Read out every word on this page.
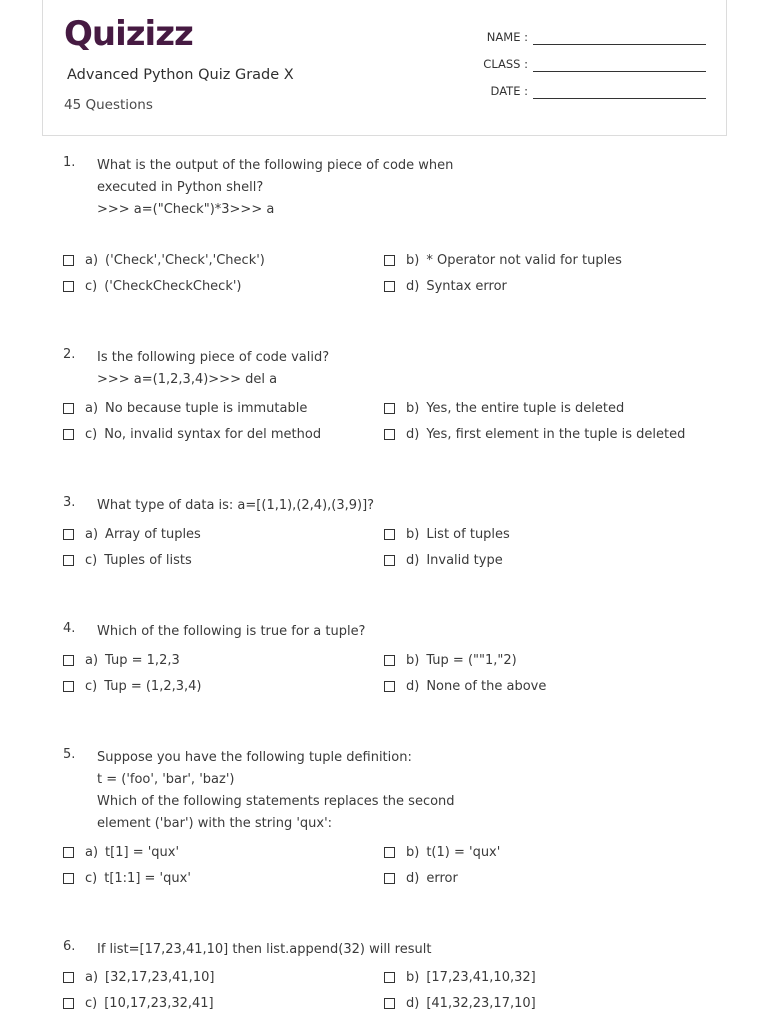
Quizizz
Advanced Python Quiz Grade X
45 Questions
NAME :
CLASS :
DATE :
1. What is the output of the following piece of code when
executed in Python shell?
>>> a=("Check")*3>>> a
a) ('Check','Check','Check')	b) * Operator not valid for tuples
c) ('CheckCheckCheck')	d) Syntax error
2. Is the following piece of code valid?
>>> a=(1,2,3,4)>>> del a
a) No because tuple is immutable	b) Yes, the entire tuple is deleted
c) No, invalid syntax for del method	d) Yes, first element in the tuple is deleted
3. What type of data is: a=[(1,1),(2,4),(3,9)]?
a) Array of tuples	b) List of tuples
c) Tuples of lists	d) Invalid type
4. Which of the following is true for a tuple?
a) Tup = 1,2,3	b) Tup = (""1,"2)
c) Tup = (1,2,3,4)	d) None of the above
5. Suppose you have the following tuple definition:
t = ('foo', 'bar', 'baz')
Which of the following statements replaces the second
element ('bar') with the string 'qux':
a) t[1] = 'qux'	b) t(1) = 'qux'
c) t[1:1] = 'qux'	d) error
6. If list=[17,23,41,10] then list.append(32) will result
a) [32,17,23,41,10]	b) [17,23,41,10,32]
c) [10,17,23,32,41]	d) [41,32,23,17,10]
